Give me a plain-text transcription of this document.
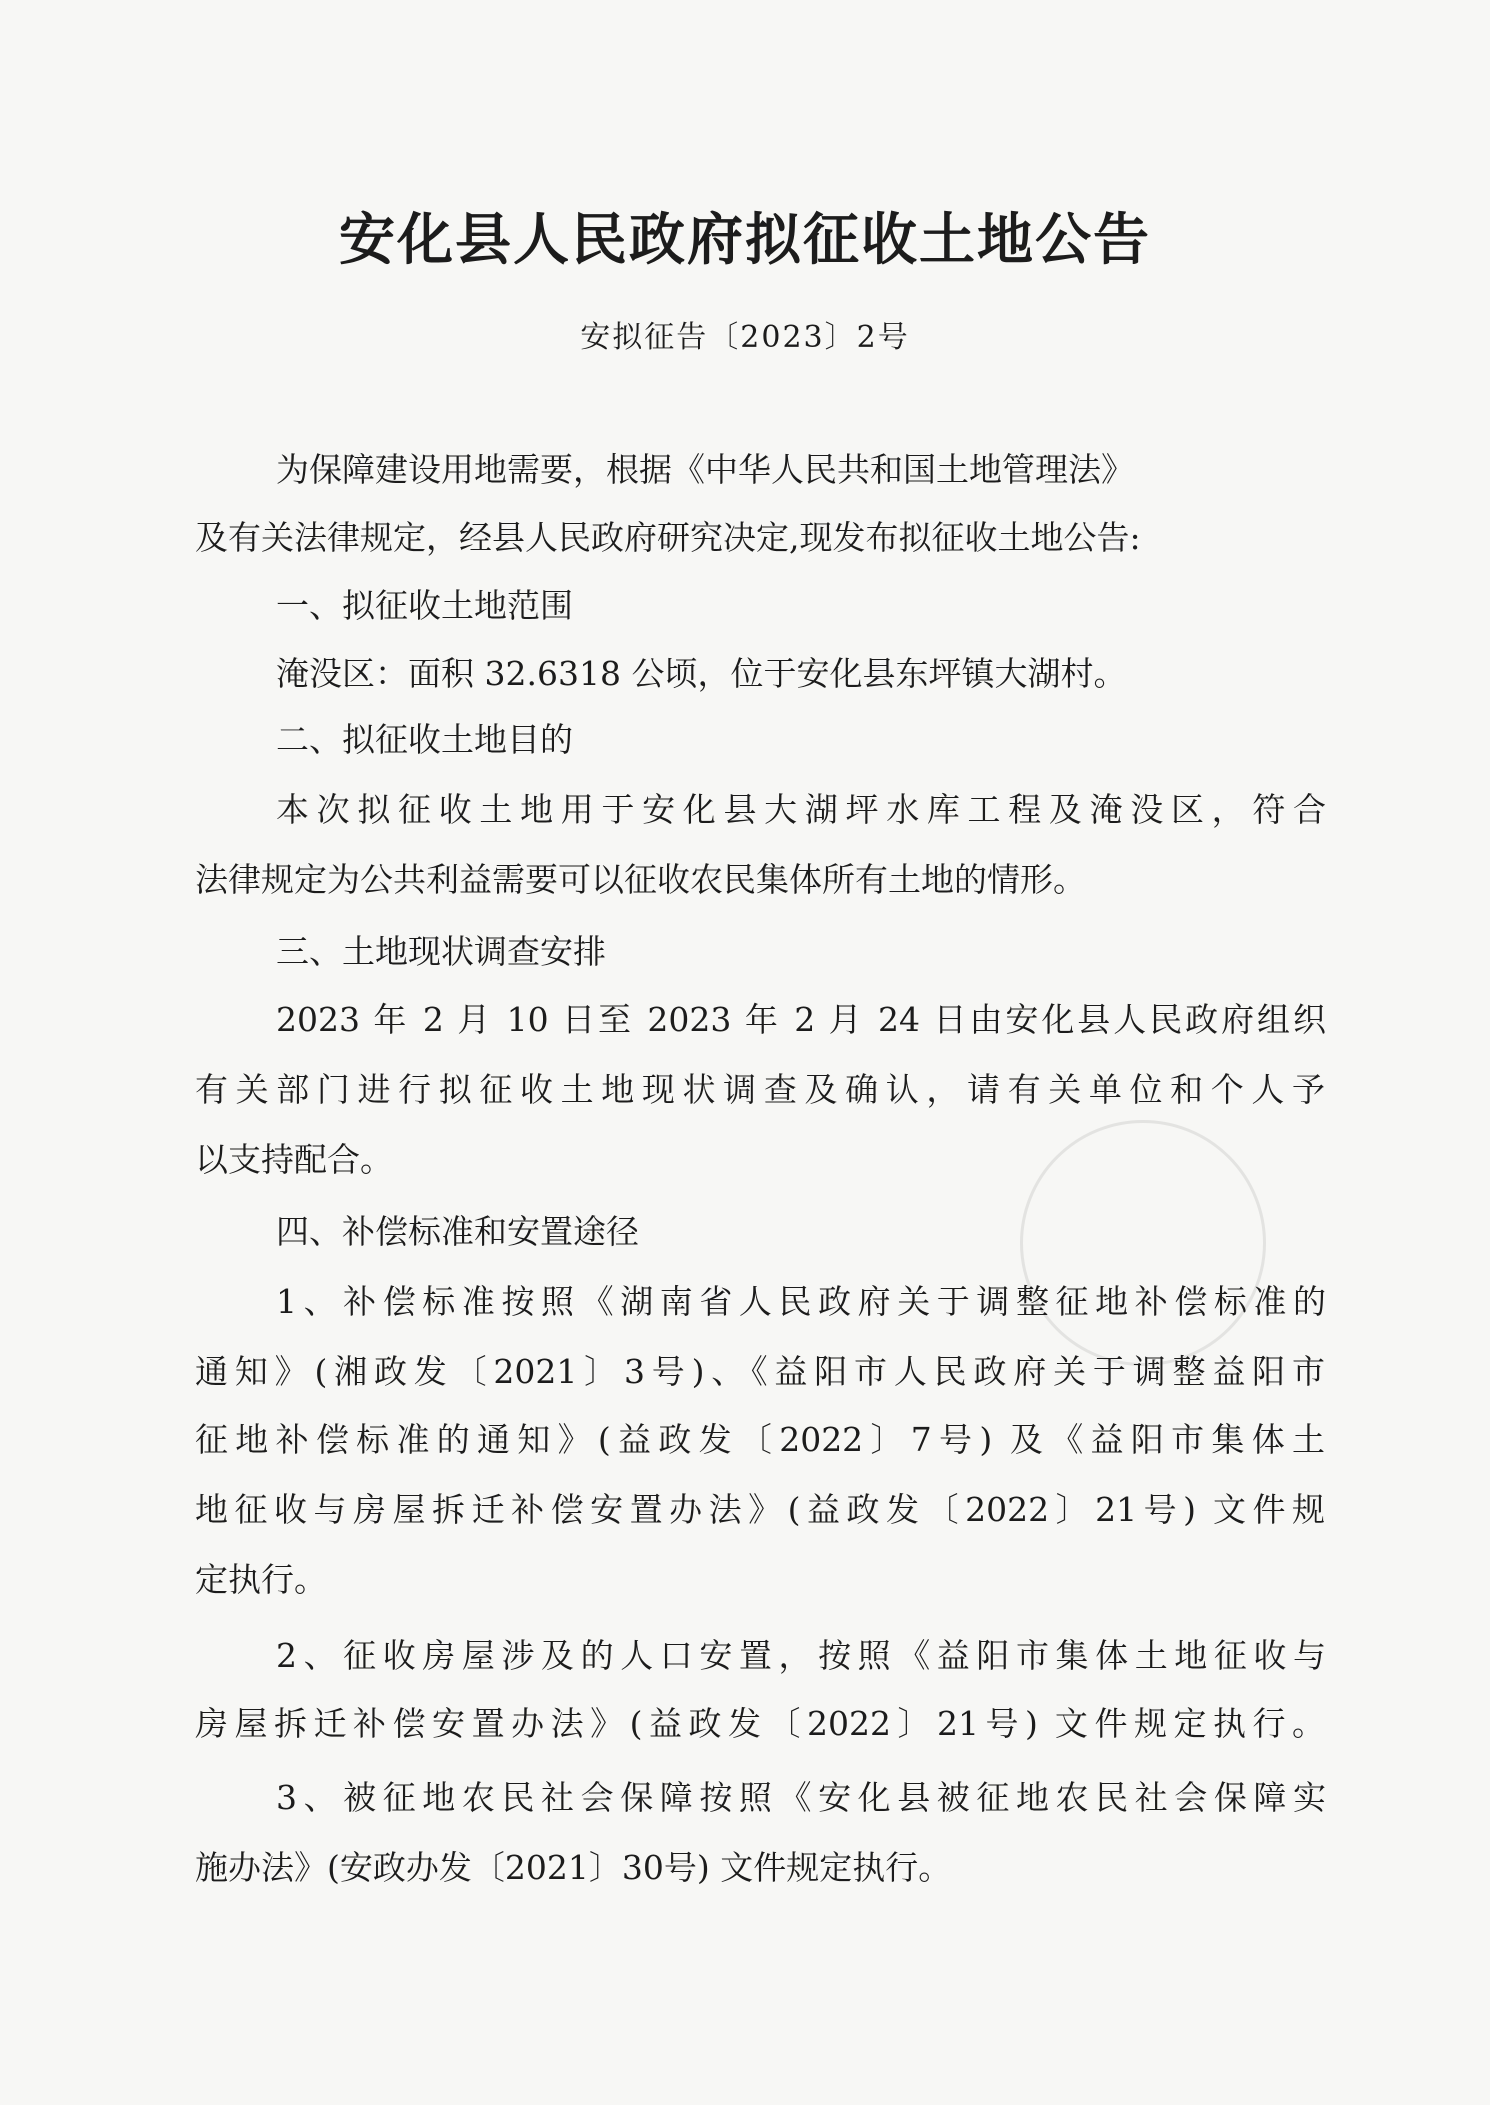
安化县人民政府拟征收土地公告
安拟征告〔2023〕2号
为保障建设用地需要，根据《中华人民共和国土地管理法》
及有关法律规定，经县人民政府研究决定,现发布拟征收土地公告:
一、拟征收土地范围
淹没区：面积 32.6318 公顷，位于安化县东坪镇大湖村。
二、拟征收土地目的
本次拟征收土地用于安化县大湖坪水库工程及淹没区，符合
法律规定为公共利益需要可以征收农民集体所有土地的情形。
三、土地现状调查安排
2023 年 2 月 10 日至 2023 年 2 月 24 日由安化县人民政府组织
有关部门进行拟征收土地现状调查及确认，请有关单位和个人予
以支持配合。
四、补偿标准和安置途径
1、补偿标准按照《湖南省人民政府关于调整征地补偿标准的
通知》(湘政发〔2021〕3号)、《益阳市人民政府关于调整益阳市
征地补偿标准的通知》(益政发〔2022〕7号) 及《益阳市集体土
地征收与房屋拆迁补偿安置办法》(益政发〔2022〕21号) 文件规
定执行。
2、征收房屋涉及的人口安置，按照《益阳市集体土地征收与
房屋拆迁补偿安置办法》(益政发〔2022〕21号) 文件规定执行。
3、被征地农民社会保障按照《安化县被征地农民社会保障实
施办法》(安政办发〔2021〕30号) 文件规定执行。
